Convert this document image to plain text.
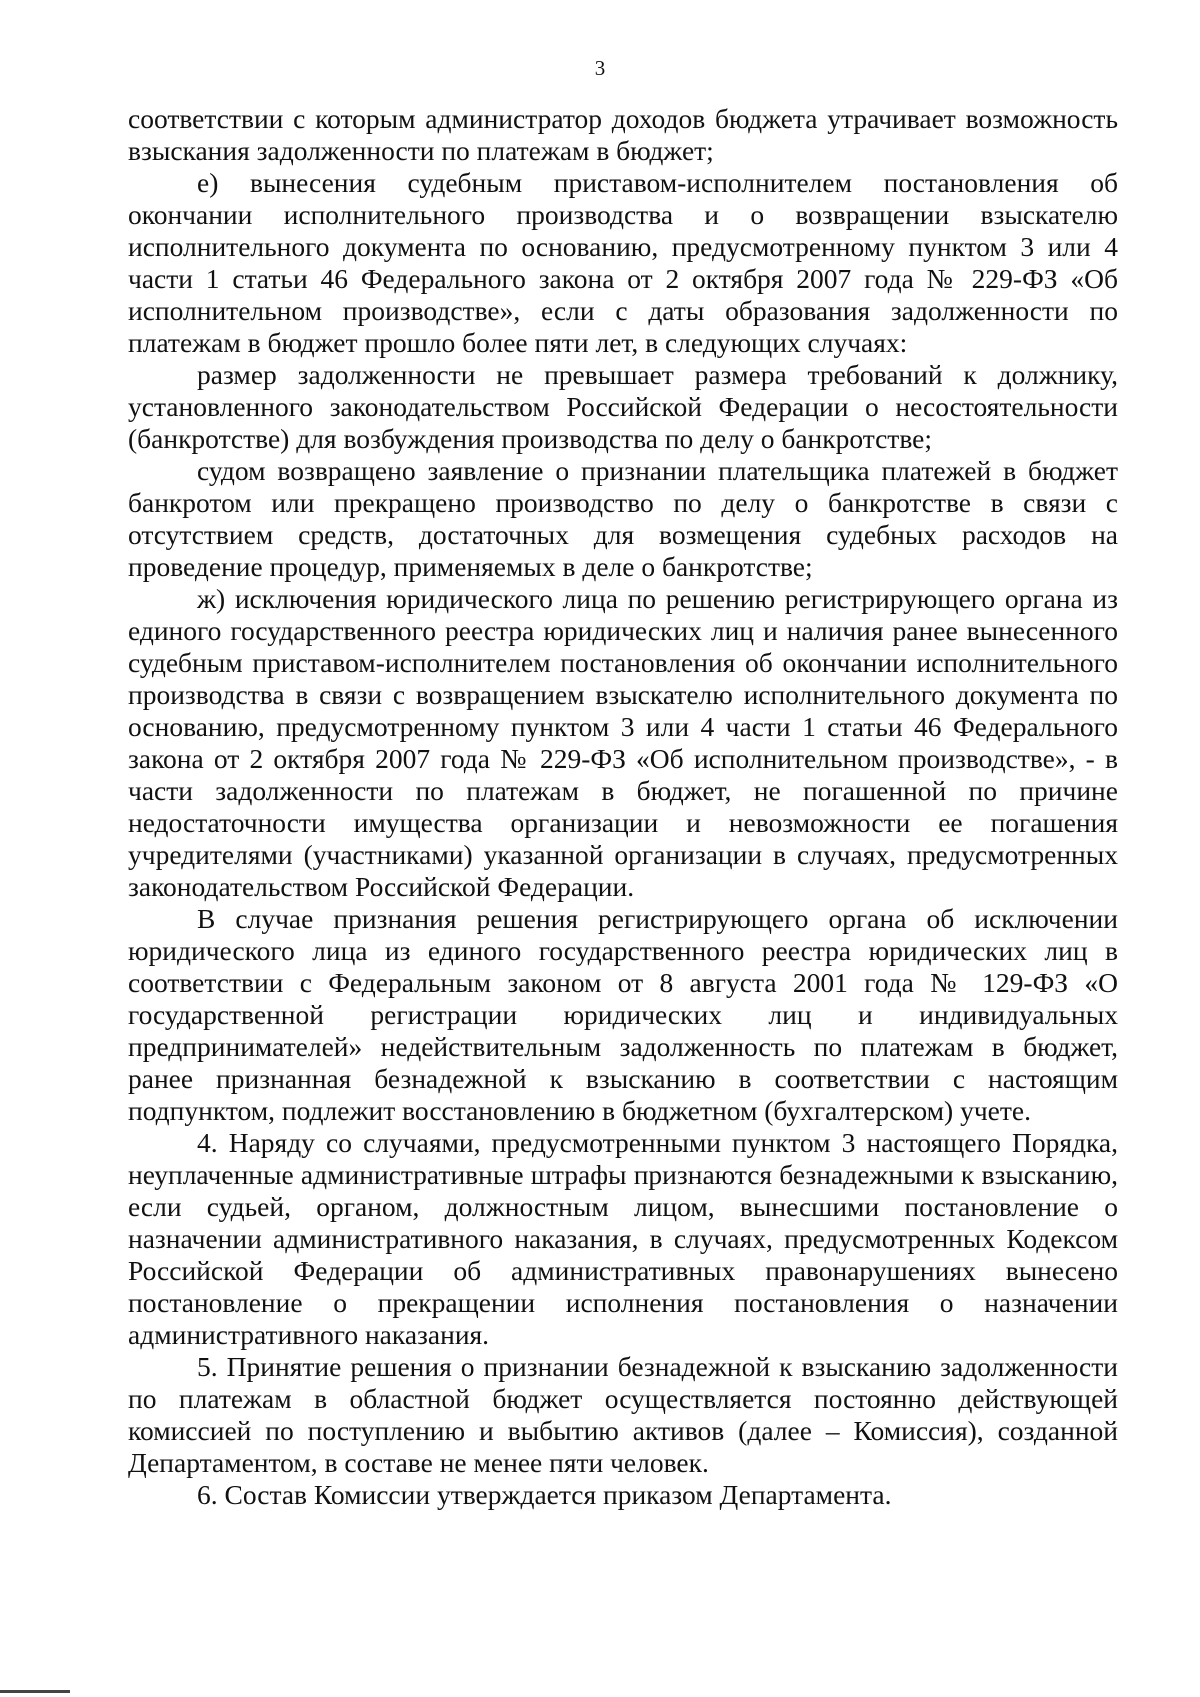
3

соответствии с которым администратор доходов бюджета утрачивает возможность взыскания задолженности по платежам в бюджет;

е) вынесения судебным приставом-исполнителем постановления об окончании исполнительного производства и о возвращении взыскателю исполнительного документа по основанию, предусмотренному пунктом 3 или 4 части 1 статьи 46 Федерального закона от 2 октября 2007 года № 229-ФЗ «Об исполнительном производстве», если с даты образования задолженности по платежам в бюджет прошло более пяти лет, в следующих случаях:

размер задолженности не превышает размера требований к должнику, установленного законодательством Российской Федерации о несостоятельности (банкротстве) для возбуждения производства по делу о банкротстве;

судом возвращено заявление о признании плательщика платежей в бюджет банкротом или прекращено производство по делу о банкротстве в связи с отсутствием средств, достаточных для возмещения судебных расходов на проведение процедур, применяемых в деле о банкротстве;

ж) исключения юридического лица по решению регистрирующего органа из единого государственного реестра юридических лиц и наличия ранее вынесенного судебным приставом-исполнителем постановления об окончании исполнительного производства в связи с возвращением взыскателю исполнительного документа по основанию, предусмотренному пунктом 3 или 4 части 1 статьи 46 Федерального закона от 2 октября 2007 года № 229-ФЗ «Об исполнительном производстве», - в части задолженности по платежам в бюджет, не погашенной по причине недостаточности имущества организации и невозможности ее погашения учредителями (участниками) указанной организации в случаях, предусмотренных законодательством Российской Федерации.

В случае признания решения регистрирующего органа об исключении юридического лица из единого государственного реестра юридических лиц в соответствии с Федеральным законом от 8 августа 2001 года № 129-ФЗ «О государственной регистрации юридических лиц и индивидуальных предпринимателей» недействительным задолженность по платежам в бюджет, ранее признанная безнадежной к взысканию в соответствии с настоящим подпунктом, подлежит восстановлению в бюджетном (бухгалтерском) учете.

4. Наряду со случаями, предусмотренными пунктом 3 настоящего Порядка, неуплаченные административные штрафы признаются безнадежными к взысканию, если судьей, органом, должностным лицом, вынесшими постановление о назначении административного наказания, в случаях, предусмотренных Кодексом Российской Федерации об административных правонарушениях вынесено постановление о прекращении исполнения постановления о назначении административного наказания.

5. Принятие решения о признании безнадежной к взысканию задолженности по платежам в областной бюджет осуществляется постоянно действующей комиссией по поступлению и выбытию активов (далее – Комиссия), созданной Департаментом, в составе не менее пяти человек.

6. Состав Комиссии утверждается приказом Департамента.
